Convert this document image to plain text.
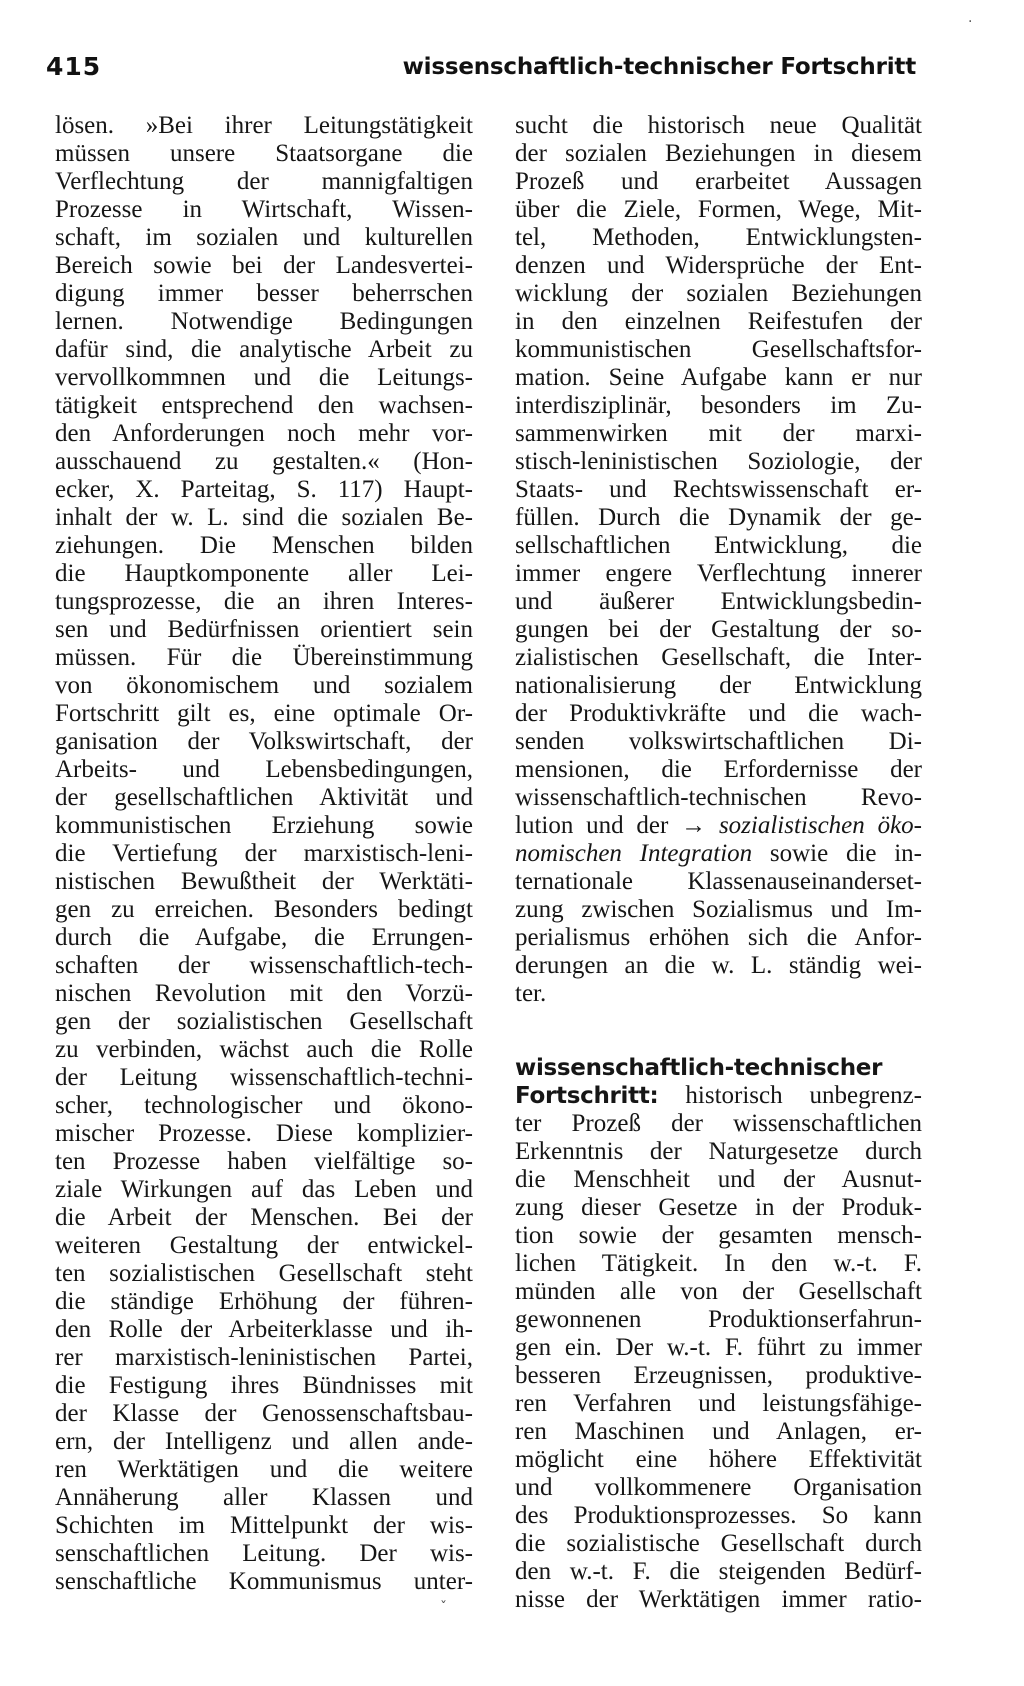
415	wissenschaftlich-technischer Fortschritt

lösen. »Bei ihrer Leitungstätigkeit

müssen unsere Staatsorgane die

Verflechtung der mannigfaltigen

Prozesse in Wirtschaft, Wissen-

schaft, im sozialen und kulturellen

Bereich sowie bei der Landesvertei-

digung immer besser beherrschen

lernen. Notwendige Bedingungen

dafür sind, die analytische Arbeit zu

vervollkommnen und die Leitungs-

tätigkeit entsprechend den wachsen-

den Anforderungen noch mehr vor-

ausschauend zu gestalten.« (Hon-

ecker, X. Parteitag, S. 117) Haupt-

inhalt der w. L. sind die sozialen Be-

ziehungen. Die Menschen bilden

die Hauptkomponente aller Lei-

tungsprozesse, die an ihren Interes-

sen und Bedürfnissen orientiert sein

müssen. Für die Übereinstimmung

von ökonomischem und sozialem

Fortschritt gilt es, eine optimale Or-

ganisation der Volkswirtschaft, der

Arbeits- und Lebensbedingungen,

der gesellschaftlichen Aktivität und

kommunistischen Erziehung sowie

die Vertiefung der marxistisch-leni-

nistischen Bewußtheit der Werktäti-

gen zu erreichen. Besonders bedingt

durch die Aufgabe, die Errungen-

schaften der wissenschaftlich-tech-

nischen Revolution mit den Vorzü-

gen der sozialistischen Gesellschaft

zu verbinden, wächst auch die Rolle

der Leitung wissenschaftlich-techni-

scher, technologischer und ökono-

mischer Prozesse. Diese komplizier-

ten Prozesse haben vielfältige so-

ziale Wirkungen auf das Leben und

die Arbeit der Menschen. Bei der

weiteren Gestaltung der entwickel-

ten sozialistischen Gesellschaft steht

die ständige Erhöhung der führen-

den Rolle der Arbeiterklasse und ih-

rer marxistisch-leninistischen Partei,

die Festigung ihres Bündnisses mit

der Klasse der Genossenschaftsbau-

ern, der Intelligenz und allen ande-

ren Werktätigen und die weitere

Annäherung aller Klassen und

Schichten im Mittelpunkt der wis-

senschaftlichen Leitung. Der wis-

senschaftliche Kommunismus unter-

sucht die historisch neue Qualität

der sozialen Beziehungen in diesem

Prozeß und erarbeitet Aussagen

über die Ziele, Formen, Wege, Mit-

tel, Methoden, Entwicklungsten-

denzen und Widersprüche der Ent-

wicklung der sozialen Beziehungen

in den einzelnen Reifestufen der

kommunistischen Gesellschaftsfor-

mation. Seine Aufgabe kann er nur

interdisziplinär, besonders im Zu-

sammenwirken mit der marxi-

stisch-leninistischen Soziologie, der

Staats- und Rechtswissenschaft er-

füllen. Durch die Dynamik der ge-

sellschaftlichen Entwicklung, die

immer engere Verflechtung innerer

und äußerer Entwicklungsbedin-

gungen bei der Gestaltung der so-

zialistischen Gesellschaft, die Inter-

nationalisierung der Entwicklung

der Produktivkräfte und die wach-

senden volkswirtschaftlichen Di-

mensionen, die Erfordernisse der

wissenschaftlich-technischen Revo-

lution und der → sozialistischen öko-

nomischen Integration sowie die in-

ternationale Klassenauseinanderset-

zung zwischen Sozialismus und Im-

perialismus erhöhen sich die Anfor-

derungen an die w. L. ständig wei-

ter.

wissenschaftlich-technischer

Fortschritt: historisch unbegrenz-

ter Prozeß der wissenschaftlichen

Erkenntnis der Naturgesetze durch

die Menschheit und der Ausnut-

zung dieser Gesetze in der Produk-

tion sowie der gesamten mensch-

lichen Tätigkeit. In den w.-t. F.

münden alle von der Gesellschaft

gewonnenen Produktionserfahrun-

gen ein. Der w.-t. F. führt zu immer

besseren Erzeugnissen, produktive-

ren Verfahren und leistungsfähige-

ren Maschinen und Anlagen, er-

möglicht eine höhere Effektivität

und vollkommenere Organisation

des Produktionsprozesses. So kann

die sozialistische Gesellschaft durch

den w.-t. F. die steigenden Bedürf-

nisse der Werktätigen immer ratio-

·
ˇ
